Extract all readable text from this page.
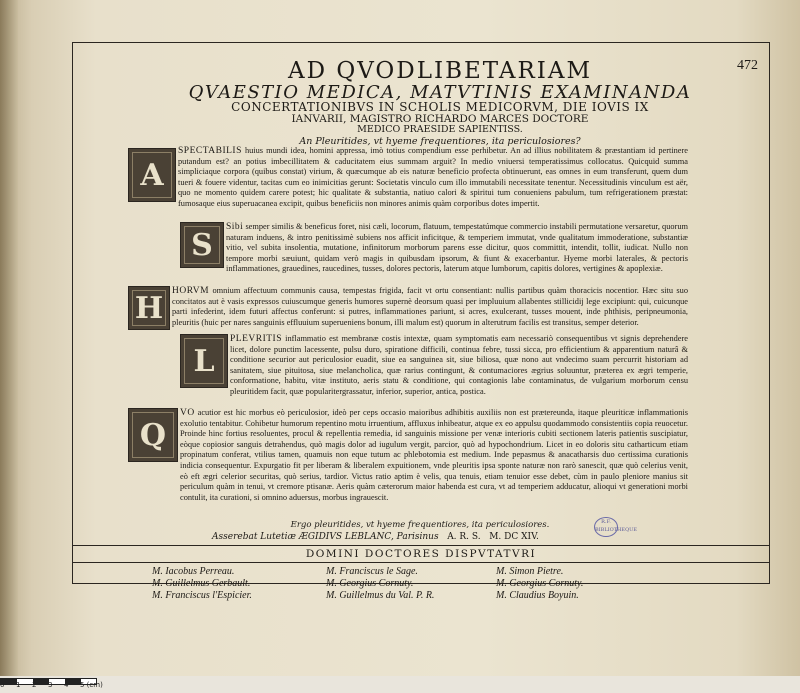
472
AD QVODLIBETARIAM
QVAESTIO MEDICA, MATVTINIS EXAMINANDA
CONCERTATIONIBVS IN SCHOLIS MEDICORVM, DIE IOVIS IX
IANVARII, MAGISTRO RICHARDO MARCES DOCTORE
MEDICO PRAESIDE SAPIENTISS.
An Pleuritides, vt hyeme frequentiores, ita periculosiores?
A
S
H
L
Q
SPECTABILIS huius mundi idea, homini appressa, imò totius compendium esse perhibetur. An ad illius nobilitatem & præstantiam id pertinere putandum est? an potius imbecillitatem & caducitatem eius summam arguit? In medio vniuersi temperatissimus collocatus. Quicquid summa simpliciaque corpora (quibus constat) virium, & quæcumque ab eis naturæ beneficio profecta obtinuerunt, eas omnes in eum transferunt, quem dum tueri & fouere videntur, tacitas cum eo inimicitias gerunt: Societatis vinculo cum illo immutabili necessitate tenentur. Necessitudinis vinculum est aër, quo ne momento quidem carere potest; hic qualitate & substantia, natiuo calori & spiritui tum conueniens pabulum, tum refrigerationem præstat: fumosaque eius superuacanea excipit, quibus beneficiis non minores animis quàm corporibus dotes impertit.
Sibi semper similis & beneficus foret, nisi cæli, locorum, flatuum, tempestatúmque commercio instabili permutatione versaretur, quorum naturam induens, & intro penitissimè subiens nos afficit inficitque, & temperiem immutat, vnde qualitatum immoderatione, substantiæ vitio, vel subita insolentia, mutatione, infinitorum morborum parens esse dicitur, quos committit, intendit, tollit, iudicat. Nullo non tempore morbi sæuiunt, quidam verò magis in quibusdam ipsorum, & fiunt & exacerbantur. Hyeme morbi laterales, & pectoris inflammationes, grauedines, raucedines, tusses, dolores pectoris, laterum atque lumborum, capitis dolores, vertigines & apoplexiæ.
HORVM omnium affectuum communis causa, tempestas frigida, facit vt ortu consentiant: nullis partibus quàm thoracicis nocentior. Hæc situ suo concitatos aut è vasis expressos cuiuscumque generis humores supernè deorsum quasi per impluuium allabentes stillicidij lege excipiunt: qui, cuicunque parti infederint, idem futuri affectus conferunt: si putres, inflammationes pariunt, si acres, exulcerant, tusses mouent, inde phthisis, peripneumonia, pleuritis (huic per nares sanguinis effluuium superueniens bonum, illi malum est) quorum in alterutrum facilis est transitus, semper deterior.
PLEVRITIS inflammatio est membranæ costis intextæ, quam symptomatis eam necessariò consequentibus vt signis deprehendere licet, dolore punctim lacessente, pulsu duro, spiratione difficili, continua febre, tussi sicca, pro efficientium & apparentium naturâ & conditione securior aut periculosior euadit, siue ea sanguinea sit, siue biliosa, quæ nono aut vndecimo suam percurrit historiam ad sanitatem, siue pituitosa, siue melancholica, quæ rarius contingunt, & contumaciores ægrius soluuntur, præterea ex ægri temperie, conformatione, habitu, vitæ instituto, aeris statu & conditione, qui contagionis labe contaminatus, de vulgarium morborum censu pleuritidem facit, quæ popularitergrassatur, inferior, superior, antica, postica.
VO acutior est hic morbus eò periculosior, ideò per ceps occasio maioribus adhibitis auxiliis non est prætereunda, itaque pleuriticæ inflammationis exolutio tentabitur. Cohibetur humorum repentino motu irruentium, affluxus inhibeatur, atque ex eo appulsu quodammodo consistentiis copia reuocetur. Proinde hinc fortius resoluentes, procul & repellentia remedia, id sanguinis missione per venæ interioris cubiti sectionem lateris patientis suscipiatur, eòque copiosior sanguis detrahendus, quò magis dolor ad iugulum vergit, parcior, quò ad hypochondrium. Licet in eo doloris situ catharticum etiam propinatum conferat, vtilius tamen, quamuis non eque tutum ac phlebotomia est medium. Inde pepasmus & anacatharsis duo certissima curationis indicia consequentur. Expurgatio fit per liberam & liberalem expuitionem, vnde pleuritis ipsa sponte naturæ non rarò sanescit, quæ quò celerius venit, eò eft ægri celerior securitas, quò serius, tardior. Victus ratio aptim è velis, qua tenuis, etiam tenuior esse debet, cùm in paulo pleniore manius sit periculum quàm in tenui, vt cremore ptisanæ. Aeris quàm cæterorum maior habenda est cura, vt ad temperiem adducatur, alioqui vt generationi morbi contulit, ita curationi, si omnino aduersus, morbus ingrauescit.
Ergo pleuritides, vt hyeme frequentiores, ita periculosiores.
Asserebat Lutetiæ ÆGIDIVS LEBLANC, Parisinus A. R. S. M. DC XIV.
R.F. BIBLIOTHEQUE
DOMINI DOCTORES DISPVTATVRI
M. Iacobus Perreau.
M. Guillelmus Gerbault.
M. Franciscus l'Espicier.
M. Franciscus le Sage.
M. Georgius Cornuty.
M. Guillelmus du Val. P. R.
M. Simon Pietre.
M. Georgius Cornuty.
M. Claudius Boyuin.
0 1 2 3 4 5 (cm)
